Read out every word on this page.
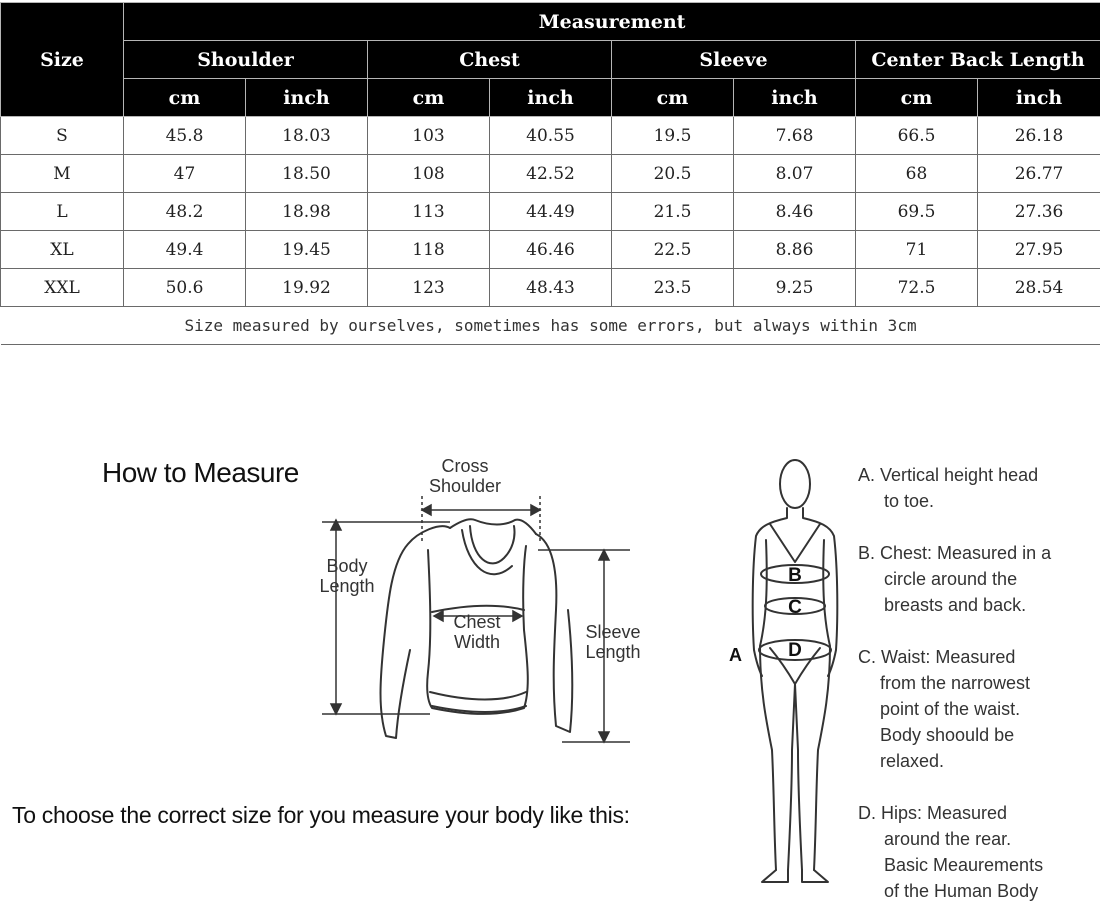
Size	Measurement							
	Shoulder		Chest		Sleeve		Center Back Length	
	cm	inch	cm	inch	cm	inch	cm	inch
S	45.8	18.03	103	40.55	19.5	7.68	66.5	26.18
M	47	18.50	108	42.52	20.5	8.07	68	26.77
L	48.2	18.98	113	44.49	21.5	8.46	69.5	27.36
XL	49.4	19.45	118	46.46	22.5	8.86	71	27.95
XXL	50.6	19.92	123	48.43	23.5	9.25	72.5	28.54
Size measured by ourselves, sometimes has some errors, but always within 3cm								
How to Measure	Cross
Shoulder
Body
Length
Chest
Width	Sleeve
Length
To choose the correct size for you measure your body like this:
B
C
D
A
A. Vertical height head
to toe.
B. Chest: Measured in a
circle around the
breasts and back.
C. Waist: Measured
from the narrowest
point of the waist.
Body shoould be
relaxed.
D. Hips: Measured
around the rear.
Basic Meaurements
of the Human Body
